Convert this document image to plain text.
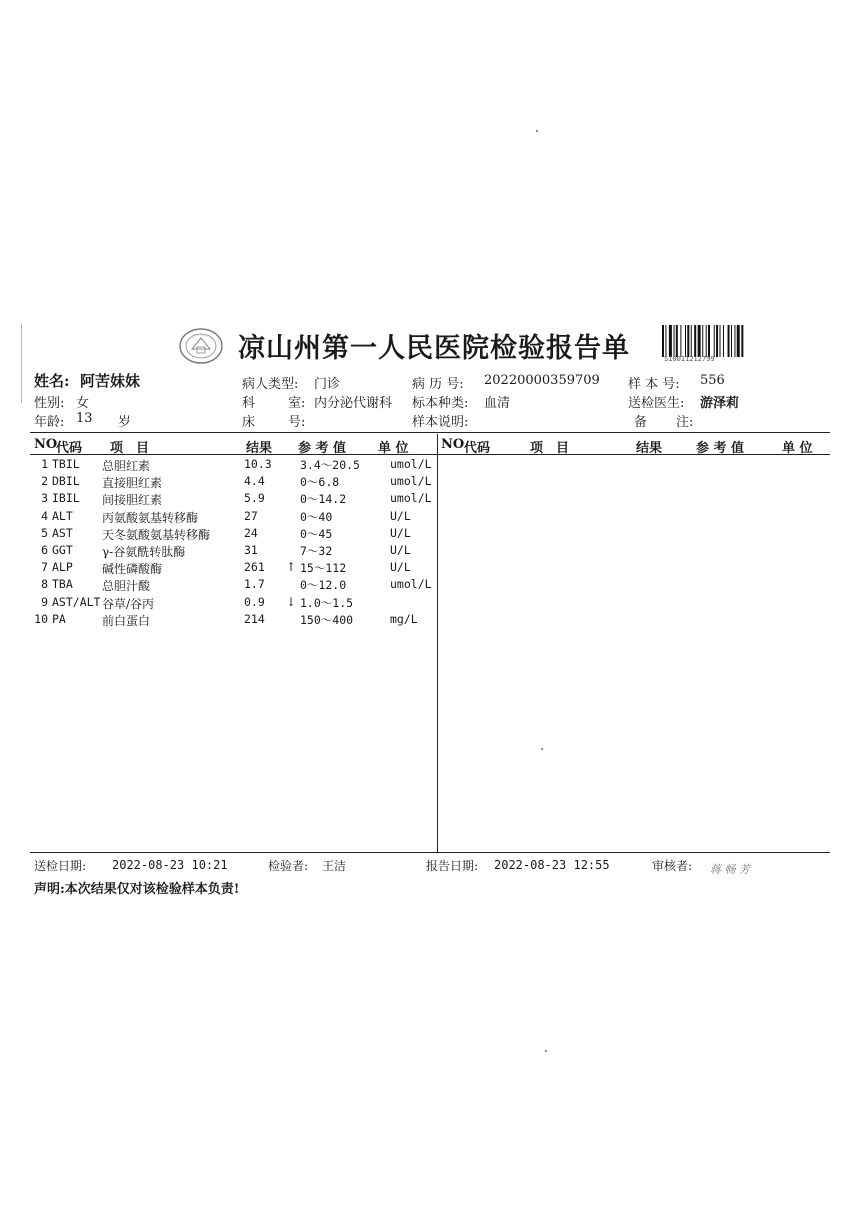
凉山州第一人民医院检验报告单	S10011212799
姓名: 阿苦妹妹	病人类型: 门诊	病 历 号: 20220000359709 样 本 号: 556
性别: 女	科	室: 内分泌代谢科 标本种类: 血清	送检医生: 游泽莉
年龄: 13 岁	床	号:	样本说明:	备 注:
NO
代码 项　目	结果 参 考 值 单 位 NO 代码	项　目	结果	参 考 值	单 位
1 TBIL 总胆红素	10.3 3.4～20.5	umol/L
2 DBIL 直接胆红素	4.4	0～6.8	umol/L
3 IBIL 间接胆红素	5.9	0～14.2	umol/L
4 ALT 丙氨酸氨基转移酶	27	0～40	U/L
5 AST 天冬氨酸氨基转移酶	24	0～45	U/L
6 GGT γ-谷氨酰转肽酶	31	7～32	U/L
7 ALP 碱性磷酸酶	261 ↑ 15～112	U/L
8 TBA 总胆汁酸	1.7	0～12.0	umol/L
9 AST/ALT 谷草/谷丙	0.9 ↓ 1.0～1.5
10 PA	前白蛋白	214	150～400	mg/L
送检日期: 2022-08-23 10:21	检验者: 王洁	报告日期: 2022-08-23 12:55	审核者: 蒋 畅 芳
声明:本次结果仅对该检验样本负责!
